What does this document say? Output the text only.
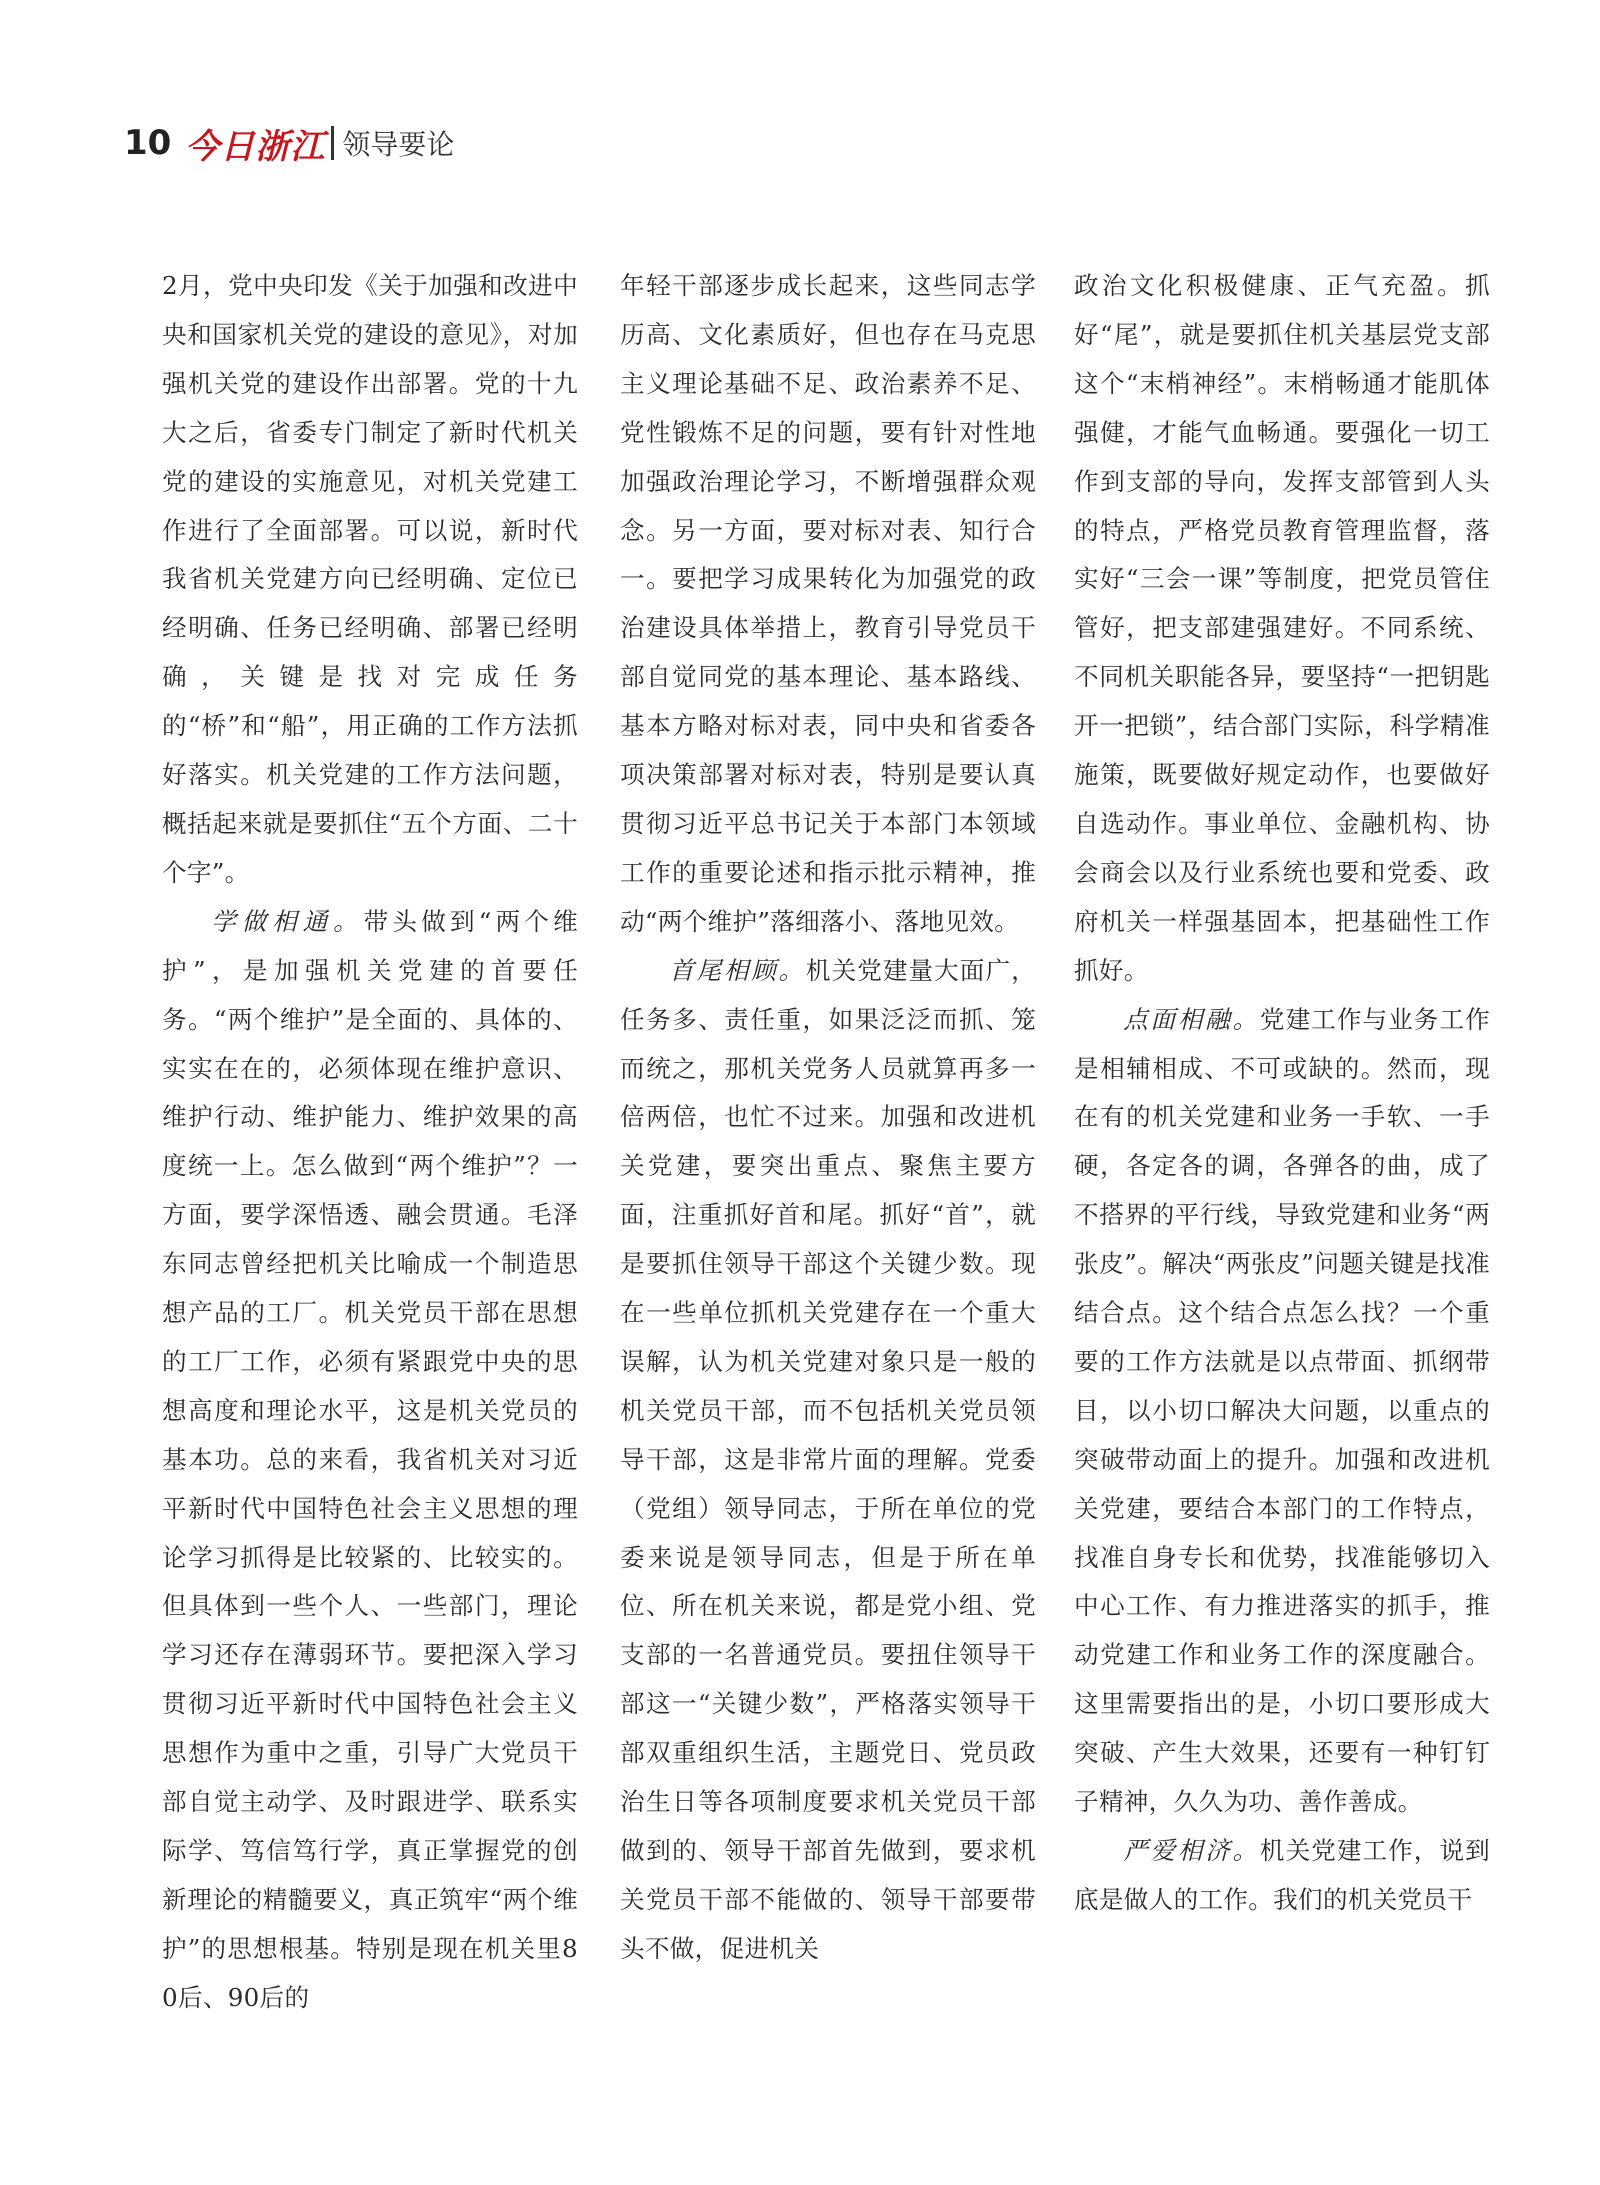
10 今日浙江 领导要论

2月，党中央印发《关于加强和改进中央和国家机关党的建设的意见》，对加强机关党的建设作出部署。党的十九大之后，省委专门制定了新时代机关党的建设的实施意见，对机关党建工作进行了全面部署。可以说，新时代我省机关党建方向已经明确、定位已经明确、任务已经明确、部署已经明确，关键是找对完成任务的“桥”和“船”，用正确的工作方法抓好落实。机关党建的工作方法问题，概括起来就是要抓住“五个方面、二十个字”。

学做相通。带头做到“两个维护”，是加强机关党建的首要任务。“两个维护”是全面的、具体的、实实在在的，必须体现在维护意识、维护行动、维护能力、维护效果的高度统一上。怎么做到“两个维护”？一方面，要学深悟透、融会贯通。毛泽东同志曾经把机关比喻成一个制造思想产品的工厂。机关党员干部在思想的工厂工作，必须有紧跟党中央的思想高度和理论水平，这是机关党员的基本功。总的来看，我省机关对习近平新时代中国特色社会主义思想的理论学习抓得是比较紧的、比较实的。但具体到一些个人、一些部门，理论学习还存在薄弱环节。要把深入学习贯彻习近平新时代中国特色社会主义思想作为重中之重，引导广大党员干部自觉主动学、及时跟进学、联系实际学、笃信笃行学，真正掌握党的创新理论的精髓要义，真正筑牢“两个维护”的思想根基。特别是现在机关里80后、90后的

年轻干部逐步成长起来，这些同志学历高、文化素质好，但也存在马克思主义理论基础不足、政治素养不足、党性锻炼不足的问题，要有针对性地加强政治理论学习，不断增强群众观念。另一方面，要对标对表、知行合一。要把学习成果转化为加强党的政治建设具体举措上，教育引导党员干部自觉同党的基本理论、基本路线、基本方略对标对表，同中央和省委各项决策部署对标对表，特别是要认真贯彻习近平总书记关于本部门本领域工作的重要论述和指示批示精神，推动“两个维护”落细落小、落地见效。

首尾相顾。机关党建量大面广，任务多、责任重，如果泛泛而抓、笼而统之，那机关党务人员就算再多一倍两倍，也忙不过来。加强和改进机关党建，要突出重点、聚焦主要方面，注重抓好首和尾。抓好“首”，就是要抓住领导干部这个关键少数。现在一些单位抓机关党建存在一个重大误解，认为机关党建对象只是一般的机关党员干部，而不包括机关党员领导干部，这是非常片面的理解。党委（党组）领导同志，于所在单位的党委来说是领导同志，但是于所在单位、所在机关来说，都是党小组、党支部的一名普通党员。要扭住领导干部这一“关键少数”，严格落实领导干部双重组织生活，主题党日、党员政治生日等各项制度要求机关党员干部做到的、领导干部首先做到，要求机关党员干部不能做的、领导干部要带头不做，促进机关

政治文化积极健康、正气充盈。抓好“尾”，就是要抓住机关基层党支部这个“末梢神经”。末梢畅通才能肌体强健，才能气血畅通。要强化一切工作到支部的导向，发挥支部管到人头的特点，严格党员教育管理监督，落实好“三会一课”等制度，把党员管住管好，把支部建强建好。不同系统、不同机关职能各异，要坚持“一把钥匙开一把锁”，结合部门实际，科学精准施策，既要做好规定动作，也要做好自选动作。事业单位、金融机构、协会商会以及行业系统也要和党委、政府机关一样强基固本，把基础性工作抓好。

点面相融。党建工作与业务工作是相辅相成、不可或缺的。然而，现在有的机关党建和业务一手软、一手硬，各定各的调，各弹各的曲，成了不搭界的平行线，导致党建和业务“两张皮”。解决“两张皮”问题关键是找准结合点。这个结合点怎么找？一个重要的工作方法就是以点带面、抓纲带目，以小切口解决大问题，以重点的突破带动面上的提升。加强和改进机关党建，要结合本部门的工作特点，找准自身专长和优势，找准能够切入中心工作、有力推进落实的抓手，推动党建工作和业务工作的深度融合。这里需要指出的是，小切口要形成大突破、产生大效果，还要有一种钉钉子精神，久久为功、善作善成。

严爱相济。机关党建工作，说到底是做人的工作。我们的机关党员干
